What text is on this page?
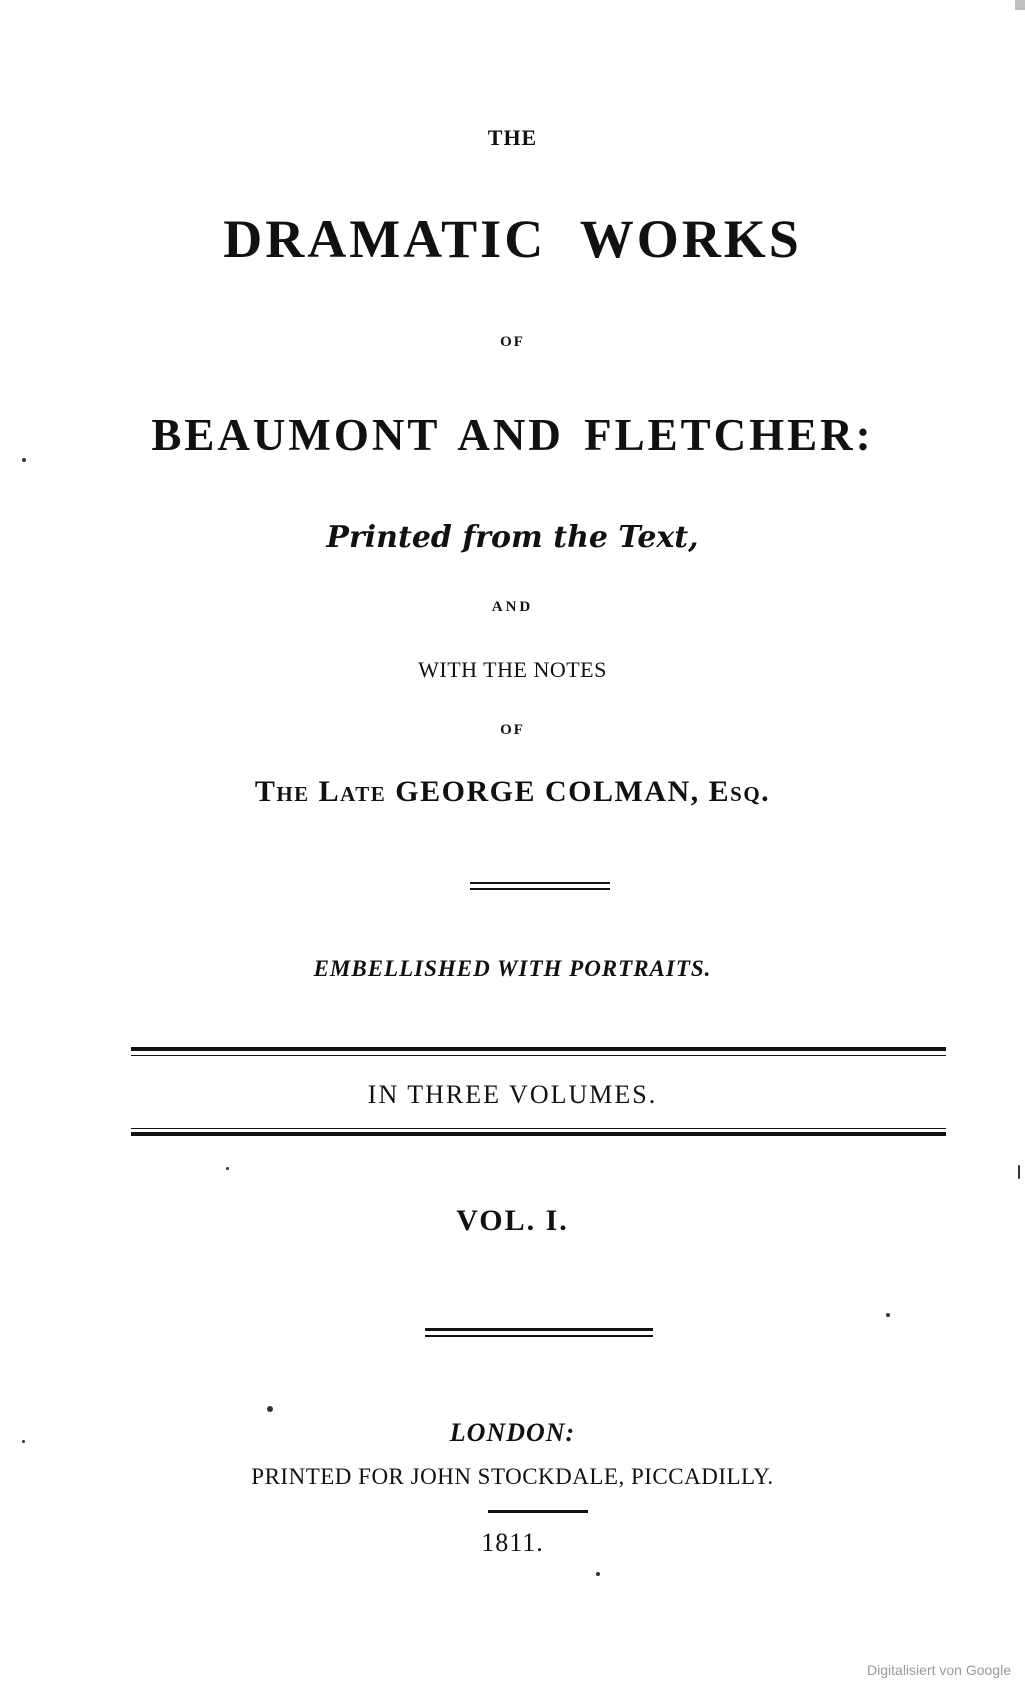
THE
DRAMATIC WORKS
OF
BEAUMONT AND FLETCHER:
Printed from the Text,
AND
WITH THE NOTES
OF
The Late GEORGE COLMAN, Esq.
EMBELLISHED WITH PORTRAITS.
IN THREE VOLUMES.
VOL. I.
LONDON:
PRINTED FOR JOHN STOCKDALE, PICCADILLY.
1811.
Digitalisiert von Google
